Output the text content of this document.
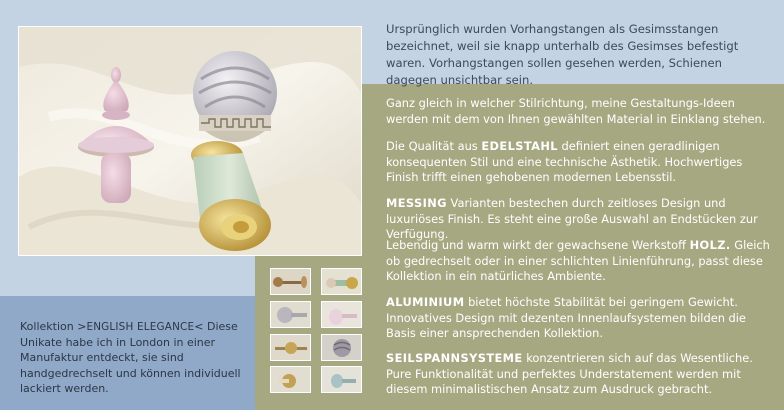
Ursprünglich wurden Vorhangstangen als Gesimsstangen bezeichnet, weil sie knapp unterhalb des Gesimses befestigt waren. Vorhangstangen sollen gesehen werden, Schienen dagegen unsichtbar sein.

Ganz gleich in welcher Stilrichtung, meine Gestaltungs-Ideen werden mit dem von Ihnen gewählten Material in Einklang stehen.

Die Qualität aus EDELSTAHL definiert einen geradlinigen konsequenten Stil und eine technische Ästhetik. Hochwertiges Finish trifft einen gehobenen modernen Lebensstil.

MESSING Varianten bestechen durch zeitloses Design und luxuriöses Finish. Es steht eine große Auswahl an Endstücken zur Verfügung.

Lebendig und warm wirkt der gewachsene Werkstoff HOLZ. Gleich ob gedrechselt oder in einer schlichten Linienführung, passt diese Kollektion in ein natürliches Ambiente.

ALUMINIUM bietet höchste Stabilität bei geringem Gewicht. Innovatives Design mit dezenten Innenlaufsystemen bilden die Basis einer ansprechenden Kollektion.

SEILSPANNSYSTEME konzentrieren sich auf das Wesentliche. Pure Funktionalität und perfektes Understatement werden mit diesem minimalistischen Ansatz zum Ausdruck gebracht.

Kollektion >ENGLISH ELEGANCE< Diese Unikate habe ich in London in einer Manufaktur entdeckt, sie sind handgedrechselt und können individuell lackiert werden.
